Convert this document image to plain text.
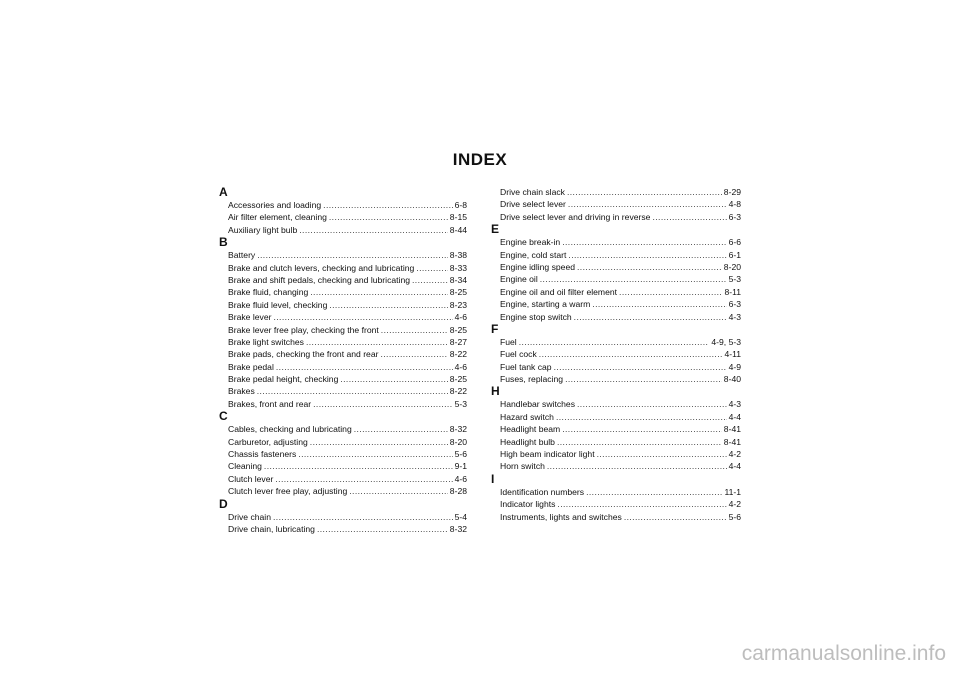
INDEX
A
Accessories and loading .....	6-8
Air filter element, cleaning .....	8-15
Auxiliary light bulb .....	8-44
B
Battery .....	8-38
Brake and clutch levers, checking and lubricating .....	8-33
Brake and shift pedals, checking and lubricating .....	8-34
Brake fluid, changing .....	8-25
Brake fluid level, checking .....	8-23
Brake lever .....	4-6
Brake lever free play, checking the front .....	8-25
Brake light switches .....	8-27
Brake pads, checking the front and rear .....	8-22
Brake pedal .....	4-6
Brake pedal height, checking .....	8-25
Brakes .....	8-22
Brakes, front and rear .....	5-3
C
Cables, checking and lubricating .....	8-32
Carburetor, adjusting .....	8-20
Chassis fasteners .....	5-6
Cleaning .....	9-1
Clutch lever .....	4-6
Clutch lever free play, adjusting .....	8-28
D
Drive chain .....	5-4
Drive chain, lubricating .....	8-32
Drive chain slack .....	8-29
Drive select lever .....	4-8
Drive select lever and driving in reverse .....	6-3
E
Engine break-in .....	6-6
Engine, cold start .....	6-1
Engine idling speed .....	8-20
Engine oil .....	5-3
Engine oil and oil filter element .....	8-11
Engine, starting a warm .....	6-3
Engine stop switch .....	4-3
F
Fuel .....	4-9, 5-3
Fuel cock .....	4-11
Fuel tank cap .....	4-9
Fuses, replacing .....	8-40
H
Handlebar switches .....	4-3
Hazard switch .....	4-4
Headlight beam .....	8-41
Headlight bulb .....	8-41
High beam indicator light .....	4-2
Horn switch .....	4-4
I
Identification numbers .....	11-1
Indicator lights .....	4-2
Instruments, lights and switches .....	5-6
carmanualsonline.info
